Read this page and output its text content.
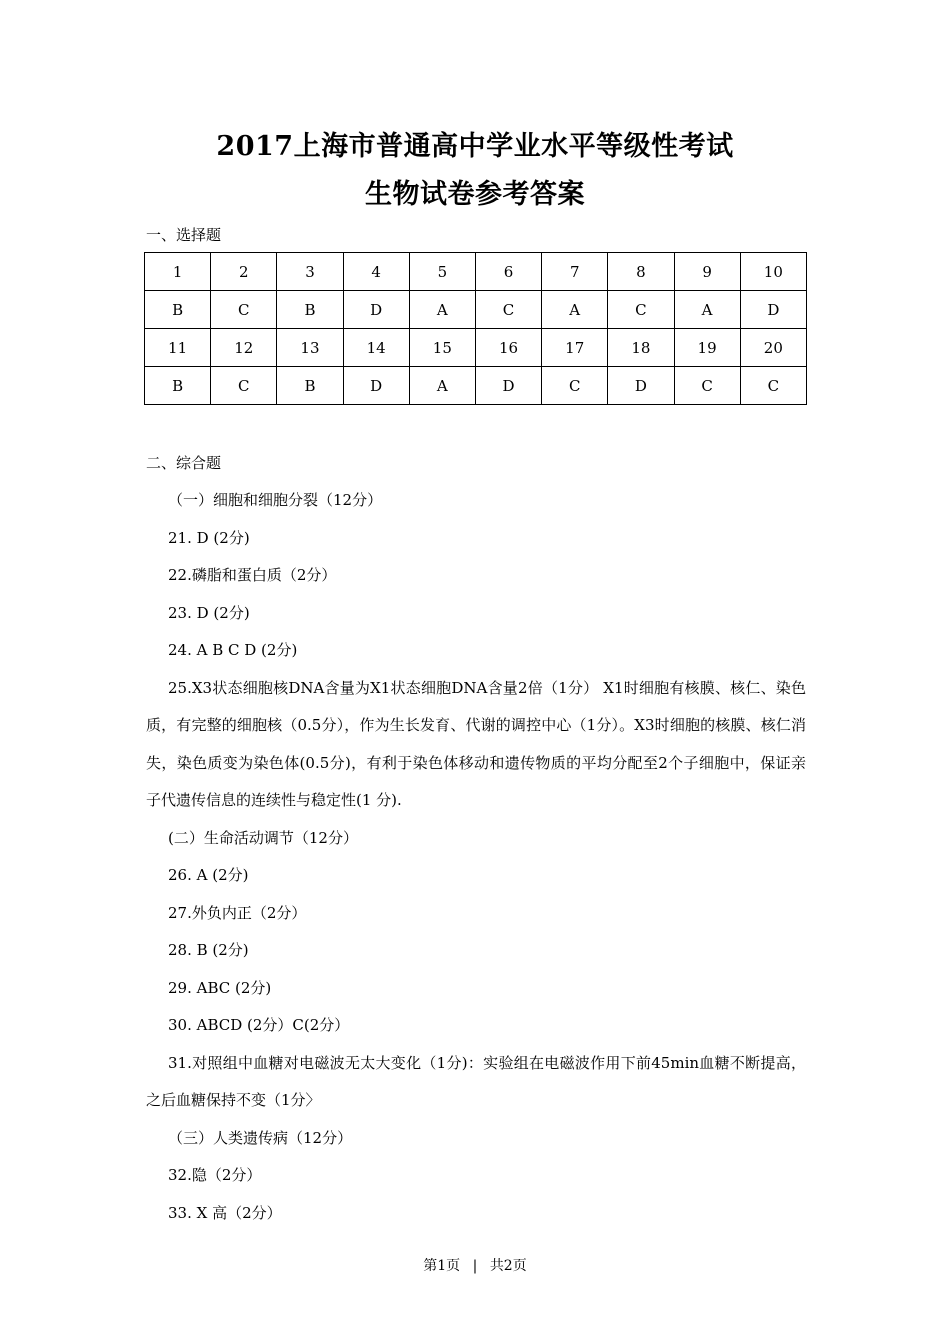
2017上海市普通高中学业水平等级性考试
生物试卷参考答案
一、选择题
1	2	3	4	5	6	7	8	9	10
B	C	B	D	A	C	A	C	A	D
11	12	13	14	15	16	17	18	19	20
B	C	B	D	A	D	C	D	C	C
二、综合题
（一）细胞和细胞分裂（12分）
21. D (2分)
22.磷脂和蛋白质（2分）
23. D (2分)
24. A B C D (2分)
25.X3状态细胞核DNA含量为X1状态细胞DNA含量2倍（1分） X1时细胞有核膜、核仁、染色质，有完整的细胞核（0.5分），作为生长发育、代谢的调控中心（1分）。X3时细胞的核膜、核仁消失，染色质变为染色体(0.5分)，有利于染色体移动和遗传物质的平均分配至2个子细胞中，保证亲子代遗传信息的连续性与稳定性(1 分).
(二）生命活动调节（12分）
26. A (2分)
27.外负内正（2分）
28. B (2分)
29. ABC (2分)
30. ABCD (2分）C(2分）
31.对照组中血糖对电磁波无太大变化（1分)：实验组在电磁波作用下前45min血糖不断提高，之后血糖保持不变（1分〉
（三）人类遗传病（12分）
32.隐（2分）
33. X 高（2分）
第1页 | 共2页
